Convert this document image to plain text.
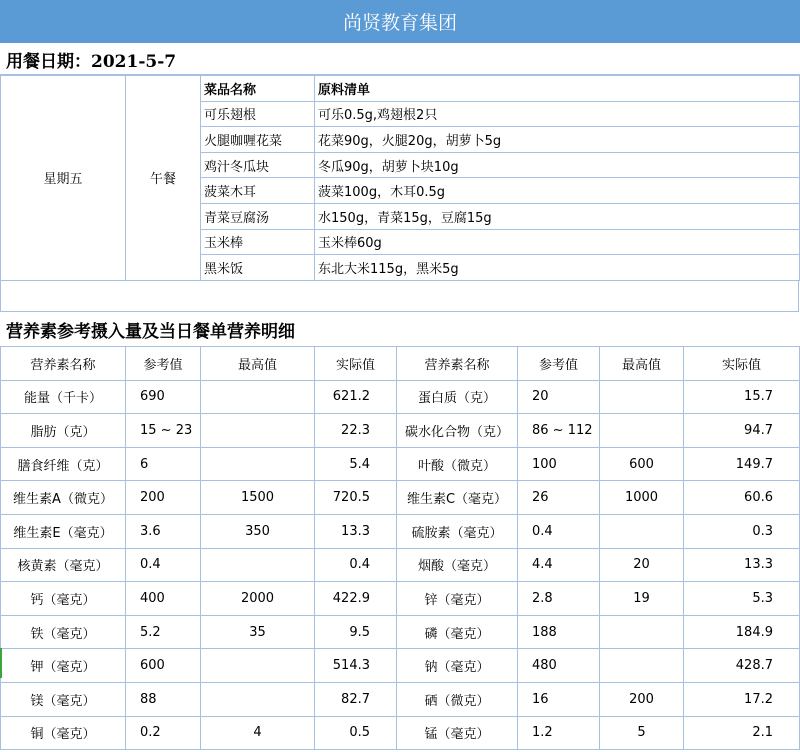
尚贤教育集团
用餐日期：2021-5-7
星期五	午餐	菜品名称	原料清单
		可乐翅根	可乐0.5g,鸡翅根2只
		火腿咖喱花菜	花菜90g，火腿20g，胡萝卜5g
		鸡汁冬瓜块	冬瓜90g，胡萝卜块10g
		菠菜木耳	菠菜100g，木耳0.5g
		青菜豆腐汤	水150g，青菜15g，豆腐15g
		玉米棒	玉米棒60g
		黑米饭	东北大米115g，黑米5g
营养素参考摄入量及当日餐单营养明细
营养素名称	参考值	最高值	实际值	营养素名称	参考值	最高值	实际值
能量（千卡）	690		621.2	蛋白质（克）	20		15.7
脂肪（克）	15 ~ 23		22.3	碳水化合物（克）	86 ~ 112		94.7
膳食纤维（克）	6		5.4	叶酸（微克）	100	600	149.7
维生素A（微克）	200	1500	720.5	维生素C（毫克）	26	1000	60.6
维生素E（毫克）	3.6	350	13.3	硫胺素（毫克）	0.4		0.3
核黄素（毫克）	0.4		0.4	烟酸（毫克）	4.4	20	13.3
钙（毫克）	400	2000	422.9	锌（毫克）	2.8	19	5.3
铁（毫克）	5.2	35	9.5	磷（毫克）	188		184.9
钾（毫克）	600		514.3	钠（毫克）	480		428.7
镁（毫克）	88		82.7	硒（微克）	16	200	17.2
铜（毫克）	0.2	4	0.5	锰（毫克）	1.2	5	2.1
